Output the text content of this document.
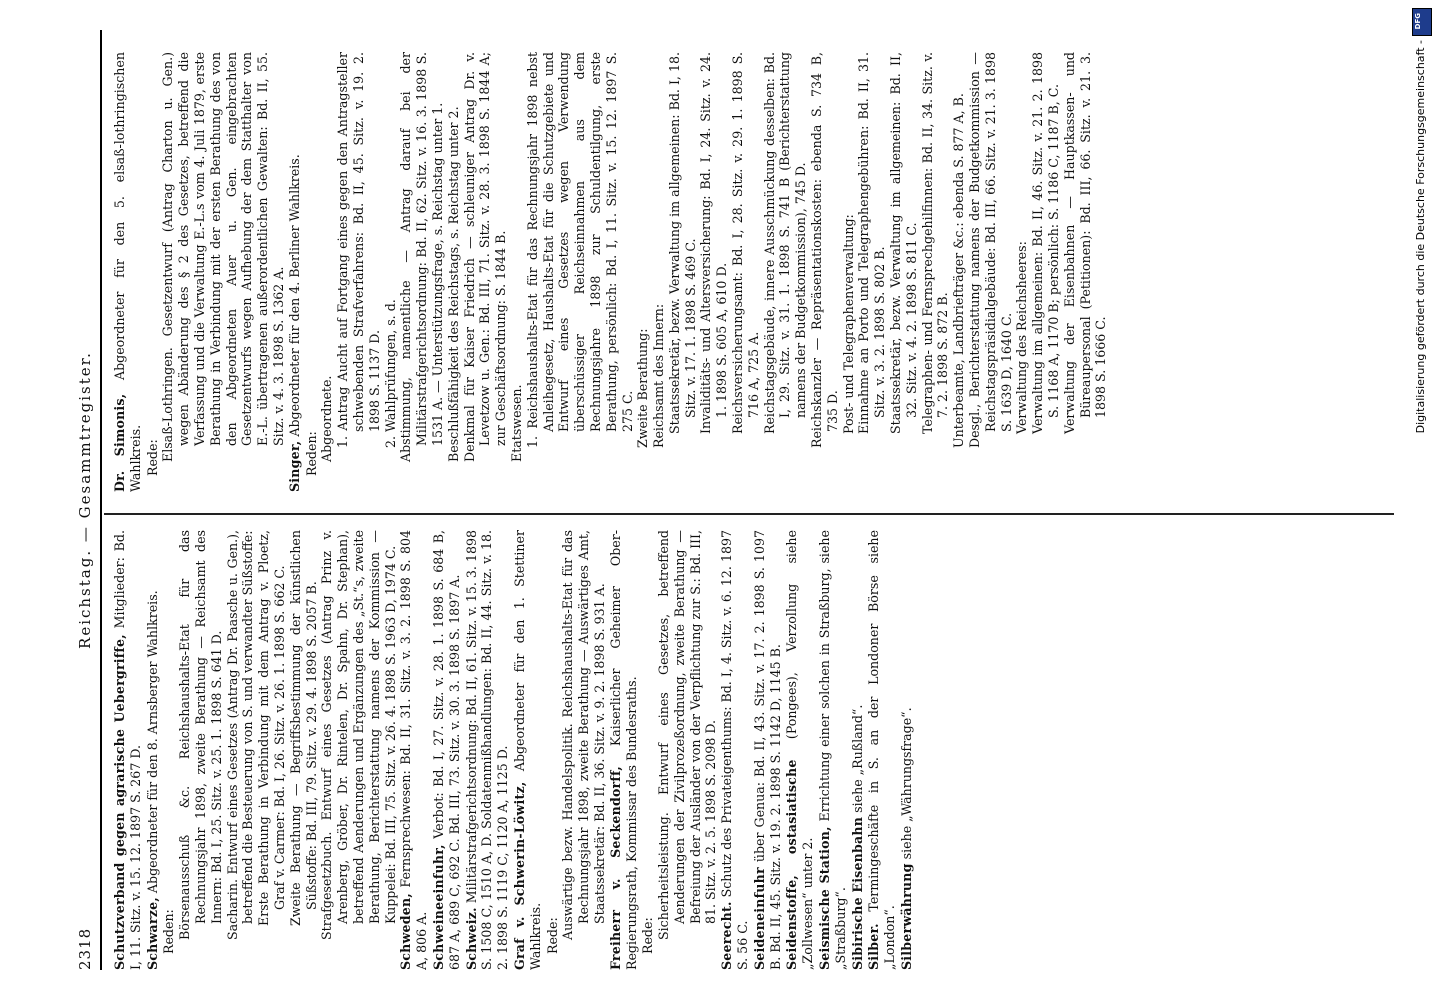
2318
Reichstag. — Gesammtregister.

Schutzverband gegen agrarische Uebergriffe, Mitglieder: Bd. I, 11. Sitz. v. 15. 12. 1897 S. 267 D. Schwarze, Abgeordneter für den 8. Arnsberger Wahlkreis.

Reden: Börsenausschuß &c. Reichshaushalts-Etat für das Rechnungsjahr 1898, zweite Berathung — Reichsamt des Innern: Bd. I, 25. Sitz. v. 25. 1. 1898 S. 641 D. Sacharin. Entwurf eines Gesetzes (Antrag Dr. Paasche u. Gen.), betreffend die Besteuerung von S. und verwandter Süßstoffe: Erste Berathung in Verbindung mit dem Antrag v. Ploetz, Graf v. Carmer: Bd. I, 26. Sitz. v. 26. 1. 1898 S. 662 C. Zweite Berathung — Begriffsbestimmung der künstlichen Süßstoffe: Bd. III, 79. Sitz. v. 29. 4. 1898 S. 2057 B. Strafgesetzbuch. Entwurf eines Gesetzes (Antrag Prinz v. Arenberg, Gröber, Dr. Rintelen, Dr. Spahn, Dr. Stephan), betreffend Aenderungen und Ergänzungen des „St.“s, zweite Berathung, Berichterstattung namens der Kommission — Kuppelei: Bd. III, 75. Sitz. v. 26. 4. 1898 S. 1963 D, 1974 C.

Schweden, Fernsprechwesen: Bd. II, 31. Sitz. v. 3. 2. 1898 S. 804 A, 806 A. Schweineeinfuhr, Verbot: Bd. I, 27. Sitz. v. 28. 1. 1898 S. 684 B, 687 A, 689 C, 692 C. Bd. III, 73. Sitz. v. 30. 3. 1898 S. 1897 A. Schweiz. Militärstrafgerichtsordnung: Bd. II, 61. Sitz. v. 15. 3. 1898 S. 1508 C, 1510 A, D. Soldatenmißhandlungen: Bd. II, 44. Sitz. v. 18. 2. 1898 S. 1119 C, 1120 A, 1125 D. Graf v. Schwerin-Löwitz, Abgeordneter für den 1. Stettiner Wahlkreis. Rede: Auswärtige bezw. Handelspolitik. Reichshaushalts-Etat für das Rechnungsjahr 1898, zweite Berathung — Auswärtiges Amt, Staatssekretär: Bd. II, 36. Sitz. v. 9. 2. 1898 S. 931 A. Freiherr v. Seckendorff, Kaiserlicher Geheimer Ober-Regierungsrath, Kommissar des Bundesraths. Rede: Sicherheitsleistung. Entwurf eines Gesetzes, betreffend Aenderungen der Zivilprozeßordnung, zweite Berathung — Befreiung der Ausländer von der Verpflichtung zur S.: Bd. III, 81. Sitz. v. 2. 5. 1898 S. 2098 D.

Seerecht. Schutz des Privateigenthums: Bd. I, 4. Sitz. v. 6. 12. 1897 S. 56 C. Seideneinfuhr über Genua: Bd. II, 43. Sitz. v. 17. 2. 1898 S. 1097 B. Bd. II, 45. Sitz. v. 19. 2. 1898 S. 1142 D, 1145 B. Seidenstoffe, ostasiatische (Pongees), Verzollung siehe „Zollwesen“ unter 2. Seismische Station, Errichtung einer solchen in Straßburg, siehe „Straßburg“. Sibirische Eisenbahn siehe „Rußland“.

Silber. Termingeschäfte in S. an der Londoner Börse siehe „London“. Silberwährung siehe „Währungsfrage“.

Dr. Simonis, Abgeordneter für den 5. elsaß-lothringischen Wahlkreis. Rede: Elsaß-Lothringen. Gesetzentwurf (Antrag Charton u. Gen.) wegen Abänderung des § 2 des Gesetzes, betreffend die Verfassung und die Verwaltung E.-L.s vom 4. Juli 1879, erste Berathung in Verbindung mit der ersten Berathung des von den Abgeordneten Auer u. Gen. eingebrachten Gesetzentwurfs wegen Aufhebung der dem Statthalter von E.-L. übertragenen außerordentlichen Gewalten: Bd. II, 55. Sitz. v. 4. 3. 1898 S. 1362 A.

Singer, Abgeordneter für den 4. Berliner Wahlkreis.

Reden: Abgeordnete. 1. Antrag Aucht auf Fortgang eines gegen den Antragsteller schwebenden Strafverfahrens: Bd. II, 45. Sitz. v. 19. 2. 1898 S. 1137 D. 2. Wahlprüfungen, s. d. Abstimmung, namentliche — Antrag darauf bei der Militärstrafgerichtsordnung: Bd. II, 62. Sitz. v. 16. 3. 1898 S. 1531 A. — Unterstützungsfrage, s. Reichstag unter 1. Beschlußfähigkeit des Reichstags, s. Reichstag unter 2. Denkmal für Kaiser Friedrich — schleuniger Antrag Dr. v. Levetzow u. Gen.: Bd. III, 71. Sitz. v. 28. 3. 1898 S. 1844 A; zur Geschäftsordnung: S. 1844 B. Etatswesen. 1. Reichshaushalts-Etat für das Rechnungsjahr 1898 nebst Anleihegesetz, Haushalts-Etat für die Schutzgebiete und Entwurf eines Gesetzes wegen Verwendung überschüssiger Reichseinnahmen aus dem Rechnungsjahre 1898 zur Schuldentilgung, erste Berathung, persönlich: Bd. I, 11. Sitz. v. 15. 12. 1897 S. 275 C. Zweite Berathung: Reichsamt des Innern: Staatssekretär, bezw. Verwaltung im allgemeinen: Bd. I, 18. Sitz. v. 17. 1. 1898 S. 469 C. Invaliditäts- und Altersversicherung: Bd. I, 24. Sitz. v. 24. 1. 1898 S. 605 A, 610 D. Reichsversicherungsamt: Bd. I, 28. Sitz. v. 29. 1. 1898 S. 716 A, 725 A. Reichstagsgebäude, innere Ausschmückung desselben: Bd. I, 29. Sitz. v. 31. 1. 1898 S. 741 B (Berichterstattung namens der Budgetkommission), 745 D. Reichskanzler — Repräsentationskosten: ebenda S. 734 B, 735 D. Post- und Telegraphenverwaltung: Einnahme an Porto und Telegraphengebühren: Bd. II, 31. Sitz. v. 3. 2. 1898 S. 802 B. Staatssekretär, bezw. Verwaltung im allgemeinen: Bd. II, 32. Sitz. v. 4. 2. 1898 S. 811 C. Telegraphen- und Fernsprechgehilfinnen: Bd. II, 34. Sitz. v. 7. 2. 1898 S. 872 B. Unterbeamte, Landbriefträger &c.: ebenda S. 877 A, B. Desgl., Berichterstattung namens der Budgetkommission — Reichstagspräsidialgebäude: Bd. III, 66. Sitz. v. 21. 3. 1898 S. 1639 D, 1640 C. Verwaltung des Reichsheeres: Verwaltung im allgemeinen: Bd. II, 46. Sitz. v. 21. 2. 1898 S. 1168 A, 1170 B; persönlich: S. 1186 C, 1187 B, C. Verwaltung der Eisenbahnen — Hauptkassen- und Büreaupersonal (Petitionen): Bd. III, 66. Sitz. v. 21. 3. 1898 S. 1666 C.

DFG
Digitalisierung gefördert durch die Deutsche Forschungsgemeinschaft -
